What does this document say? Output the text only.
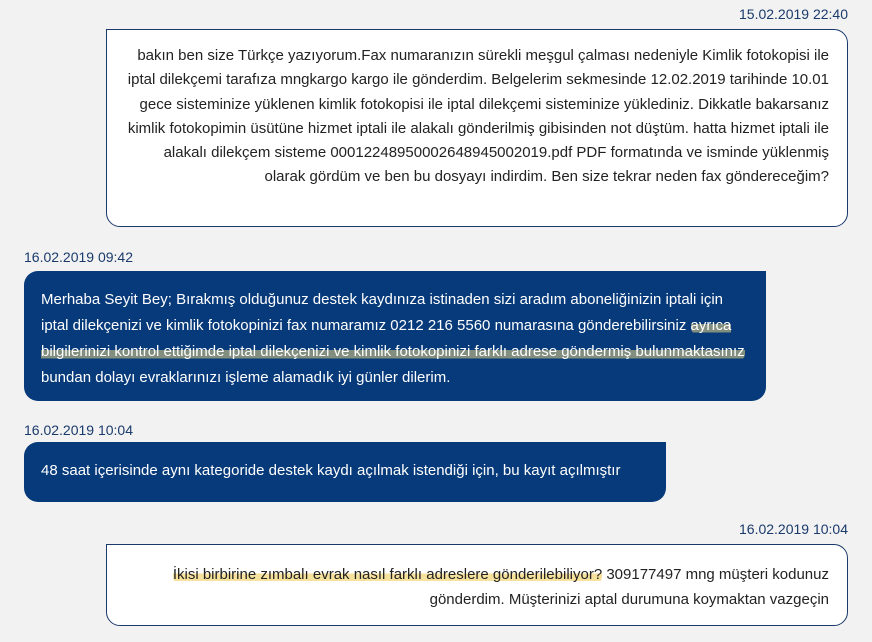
15.02.2019 22:40
bakın ben size Türkçe yazıyorum.Fax numaranızın sürekli meşgul çalması nedeniyle Kimlik fotokopisi ile iptal dilekçemi tarafıza mngkargo kargo ile gönderdim. Belgelerim sekmesinde 12.02.2019 tarihinde 10.01 gece sisteminize yüklenen kimlik fotokopisi ile iptal dilekçemi sisteminize yüklediniz. Dikkatle bakarsanız kimlik fotokopimin üsütüne hizmet iptali ile alakalı gönderilmiş gibisinden not düştüm. hatta hizmet iptali ile alakalı dilekçem sisteme 0001224895000264894500​2019.pdf PDF formatında ve isminde yüklenmiş olarak gördüm ve ben bu dosyayı indirdim. Ben size tekrar neden fax göndereceğim?
16.02.2019 09:42
Merhaba Seyit Bey; Bırakmış olduğunuz destek kaydınıza istinaden sizi aradım aboneliğinizin iptali için iptal dilekçenizi ve kimlik fotokopinizi fax numaramız 0212 216 5560 numarasına gönderebilirsiniz ayrıca bilgilerinizi kontrol ettiğimde iptal dilekçenizi ve kimlik fotokopinizi farklı adrese göndermiş bulunmaktasınız bundan dolayı evraklarınızı işleme alamadık iyi günler dilerim.
16.02.2019 10:04
48 saat içerisinde aynı kategoride destek kaydı açılmak istendiği için, bu kayıt açılmıştır
16.02.2019 10:04
İkisi birbirine zımbalı evrak nasıl farklı adreslere gönderilebiliyor? 309177497 mng müşteri kodunuz gönderdim. Müşterinizi aptal durumuna koymaktan vazgeçin
